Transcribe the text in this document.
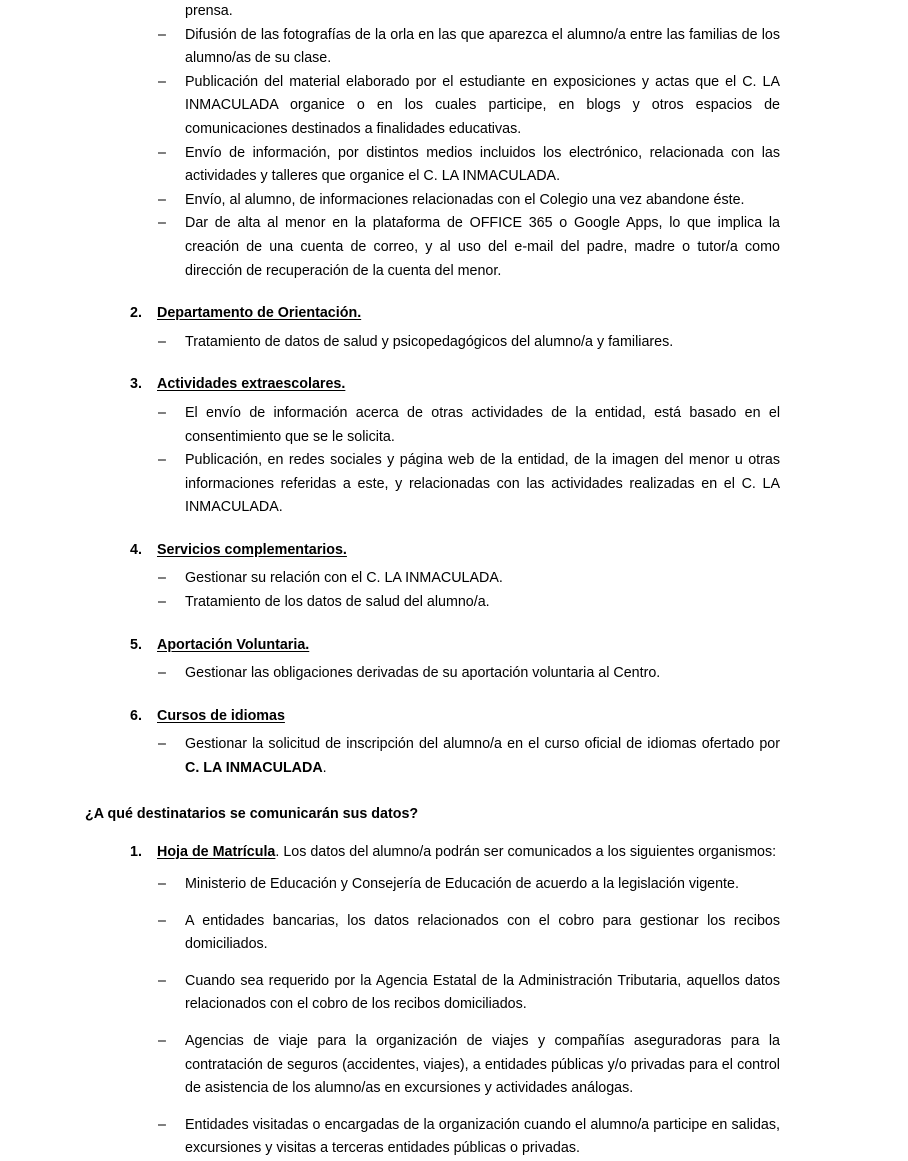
prensa.

–	Difusión de las fotografías de la orla en las que aparezca el alumno/a entre las familias de los alumno/as de su clase.
–	Publicación del material elaborado por el estudiante en exposiciones y actas que el C. LA INMACULADA organice o en los cuales participe, en blogs y otros espacios de comunicaciones destinados a finalidades educativas.
–	Envío de información, por distintos medios incluidos los electrónico, relacionada con las actividades y talleres que organice el C. LA INMACULADA.
–	Envío, al alumno, de informaciones relacionadas con el Colegio una vez abandone éste.
–	Dar de alta al menor en la plataforma de OFFICE 365 o Google Apps, lo que implica la creación de una cuenta de correo, y al uso del e-mail del padre, madre o tutor/a como dirección de recuperación de la cuenta del menor.
2.	Departamento de Orientación.
–	Tratamiento de datos de salud y psicopedagógicos del alumno/a y familiares.
3.	Actividades extraescolares.
–	El envío de información acerca de otras actividades de la entidad, está basado en el consentimiento que se le solicita.
–	Publicación, en redes sociales y página web de la entidad, de la imagen del menor u otras informaciones referidas a este, y relacionadas con las actividades realizadas en el C. LA INMACULADA.
4.	Servicios complementarios.
–	Gestionar su relación con el C. LA INMACULADA.
–	Tratamiento de los datos de salud del alumno/a.
5.	Aportación Voluntaria.
–	Gestionar las obligaciones derivadas de su aportación voluntaria al Centro.
6.	Cursos de idiomas
–	Gestionar la solicitud de inscripción del alumno/a en el curso oficial de idiomas ofertado por C. LA INMACULADA.

¿A qué destinatarios se comunicarán sus datos?

1.	Hoja de Matrícula. Los datos del alumno/a podrán ser comunicados a los siguientes organismos:
–	Ministerio de Educación y Consejería de Educación de acuerdo a la legislación vigente.
–	A entidades bancarias, los datos relacionados con el cobro para gestionar los recibos domiciliados.
–	Cuando sea requerido por la Agencia Estatal de la Administración Tributaria, aquellos datos relacionados con el cobro de los recibos domiciliados.
–	Agencias de viaje para la organización de viajes y compañías aseguradoras para la contratación de seguros (accidentes, viajes), a entidades públicas y/o privadas para el control de asistencia de los alumno/as en excursiones y actividades análogas.
–	Entidades visitadas o encargadas de la organización cuando el alumno/a participe en salidas, excursiones y visitas a terceras entidades públicas o privadas.
